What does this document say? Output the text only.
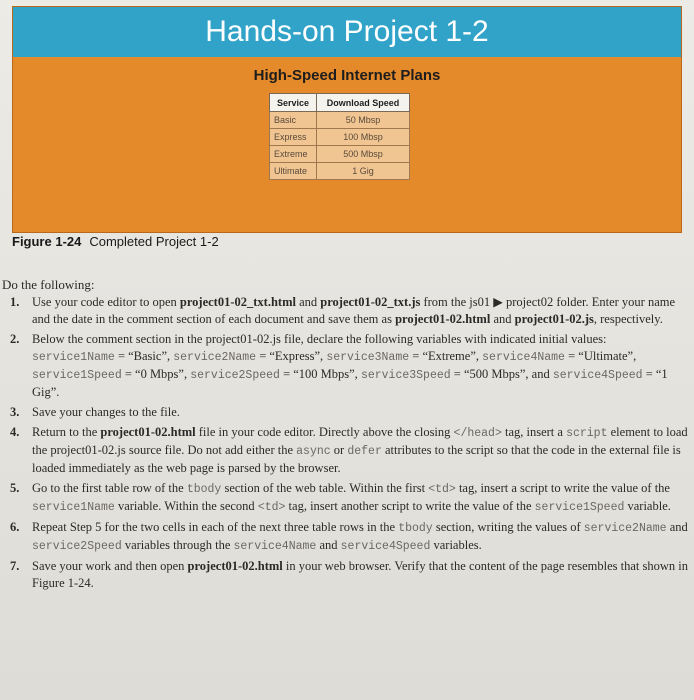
Hands-on Project 1-2
High-Speed Internet Plans
Service	Download Speed
Basic	50 Mbsp
Express	100 Mbsp
Extreme	500 Mbsp
Ultimate	1 Gig
Figure 1-24 Completed Project 1-2
Do the following:
1.	Use your code editor to open project01-02_txt.html and project01-02_txt.js from the js01 ▶ project02 folder. Enter your name and the date in the comment section of each document and save them as project01-02.html and project01-02.js, respectively.
2.	Below the comment section in the project01-02.js file, declare the following variables with indicated initial values: service1Name = “Basic”, service2Name = “Express”, service3Name = “Extreme”, service4Name = “Ultimate”, service1Speed = “0 Mbps”, service2Speed = “100 Mbps”, service3Speed = “500 Mbps”, and service4Speed = “1 Gig”.
3.	Save your changes to the file.
4.	Return to the project01-02.html file in your code editor. Directly above the closing </head> tag, insert a script element to load the project01-02.js source file. Do not add either the async or defer attributes to the script so that the code in the external file is loaded immediately as the web page is parsed by the browser.
5.	Go to the first table row of the tbody section of the web table. Within the first <td> tag, insert a script to write the value of the service1Name variable. Within the second <td> tag, insert another script to write the value of the service1Speed variable.
6.	Repeat Step 5 for the two cells in each of the next three table rows in the tbody section, writing the values of service2Name and service2Speed variables through the service4Name and service4Speed variables.
7.	Save your work and then open project01-02.html in your web browser. Verify that the content of the page resembles that shown in Figure 1-24.
